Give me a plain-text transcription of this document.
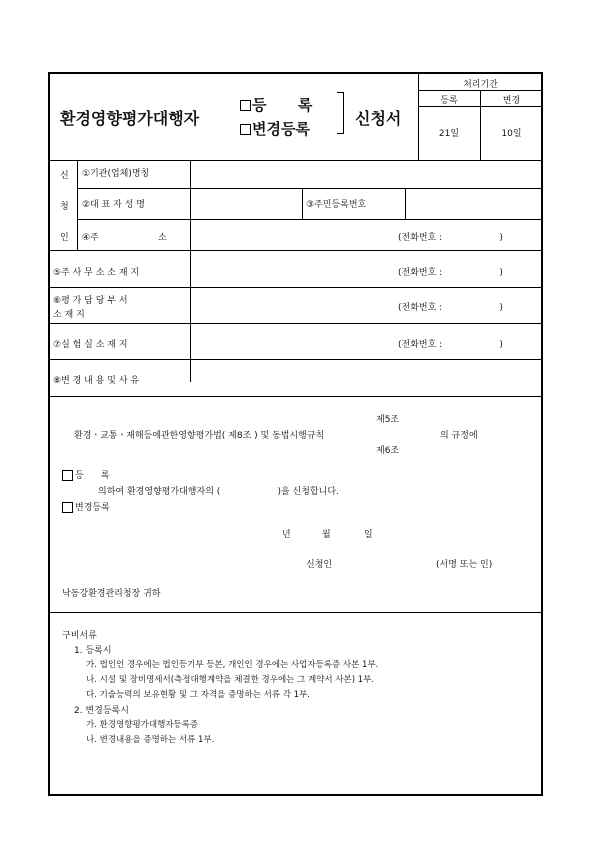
환경영향평가대행자
등      록
변경등록
신청서
처리기간
등록	변경
21일	10일
신
청
인
①기관(업체)명칭
②대 표 자 성 명	③주민등록번호
④주	소	(전화번호 :                    )
⑤주 사 무 소 소 재 지	(전화번호 :                    )
⑥평 가 담 당 부 서
소 재 지
(전화번호 :                    )
⑦실 험 실 소 재 지	(전화번호 :                    )
⑧변 경 내 용 및 사 유
제5조
환경ㆍ교통ㆍ재해등에관한영향평가법( 제8조 ) 및 동법시행규칙	의 규정에
제6조
등      록
의하여 환경영향평가대행자의 (                    )을 신청합니다.
변경등록
년	월	일
신청인	(서명 또는 인)
낙동강환경관리청장 귀하
구비서류
1. 등록시
가. 법인인 경우에는 법인등기부 등본, 개인인 경우에는 사업자등록증 사본 1부.
나. 시설 및 장비명세서(측정대행계약을 체결한 경우에는 그 계약서 사본) 1부.
다. 기술능력의 보유현황 및 그 자격을 증명하는 서류 각 1부.
2. 변경등록시
가. 환경영향평가대행자등록증
나. 변경내용을 증명하는 서류 1부.
